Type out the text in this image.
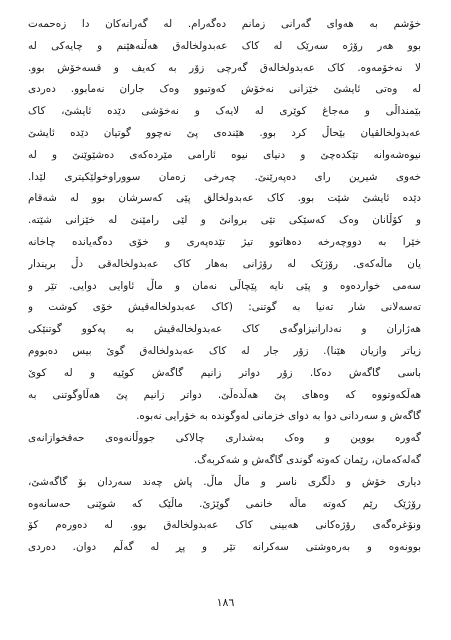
خۆشم بە هەوای گەرانی زمانم دەگەرام. لە گەرانەکان دا زەحمەت
بوو هەر رۆژە سەرێک لە کاک عەبدولخالەق هەڵنەهێنم و چایەکی لە
لا نەخۆمەوە. کاک عەبدولخالەق گەرچی زۆر بە کەیف و قسەخۆش بوو.
لە وەتی ئایشێ خێزانی نەخۆش کەوتبوو وەک جاران نەمابوو. دەردی
بێمنداڵی و مەجاغ کوێری لە لایەک و نەخۆشی دێدە ئایشێ، کاک
عەبدولخالقیان بێحاڵ کرد بوو. هێندەی پێ نەچوو گوتیان دێدە ئایشێ
نیوەشەوانە تێکدەچێ و دنیای نیوە ئارامی مێردەکەی دەشێوێنێ و لە
خەوی شیرین رای دەپەرێنێ. چەرخی زەمان سووراوخولێکیتری لێدا.
دێدە ئایشێ شێت بوو. کاک عەبدولخالق پێی کەسرشان بوو لە شەقام
و کۆڵانان وەک کەسێکی تێی بروانێ و لێی رامێنێ لە خێزانی شێتە.
خێرا بە دووچەرخە دەهاتوو تیژ تێدەپەری و خۆی دەگەیاندە چاخانە
یان ماڵەکەی. رۆژێک لە رۆژانی بەهار کاک عەبدولخالەقی دڵ بریندار
سەمی خواردەوە و پێی نایە پێچاڵی نەمان و ماڵ ئاوایی دوایی. تێر و
تەسەلانی شار تەنیا بە گوتنی: (کاک عەبدولخالەقیش خۆی کوشت و
هەژاران و نەدارانیزاوگەی کاک عەبدولخالەقیش بە پەکوو گوتنێکی
زیاتر وازیان هێنا). زۆر جار لە کاک عەبدولخالەق گوێ بیس دەبووم
باسی گاگەش دەکا. زۆر دواتر زانیم گاگەش کوێیە و لە کوێ
هەڵکەوتووە کە وەهای پێ هەڵدەڵێ. دواتر زانیم پێ هەڵاوگوتنی بە
گاگەش و سەردانی دوا بە دوای خزمانی لەوگوندە بە خۆرایی نەبوە.
گەورە بووین و وەک بەشداری چالاکی جووڵانەوەی حەقخوازانەی
گەلەکەمان، رێمان کەوتە گوندی گاگەش و شەکربەگ.
دیاری خۆش و دڵگری ناسر و ماڵ ماڵ. پاش چەند سەردان بۆ گاگەشێ،
رۆژێک رێم کەوتە ماڵە خانمی گوێژێ. ماڵێک کە شوێنی حەسانەوە
ونۆغرەگەی رۆژەکانی هەبینی کاک عەبدولخالەق بوو. لە دەورەم کۆ
بوونەوە و بەرەوشتی سەکرانە تێر و پڕ لە گەڵم دوان. دەردی
١٨٦
